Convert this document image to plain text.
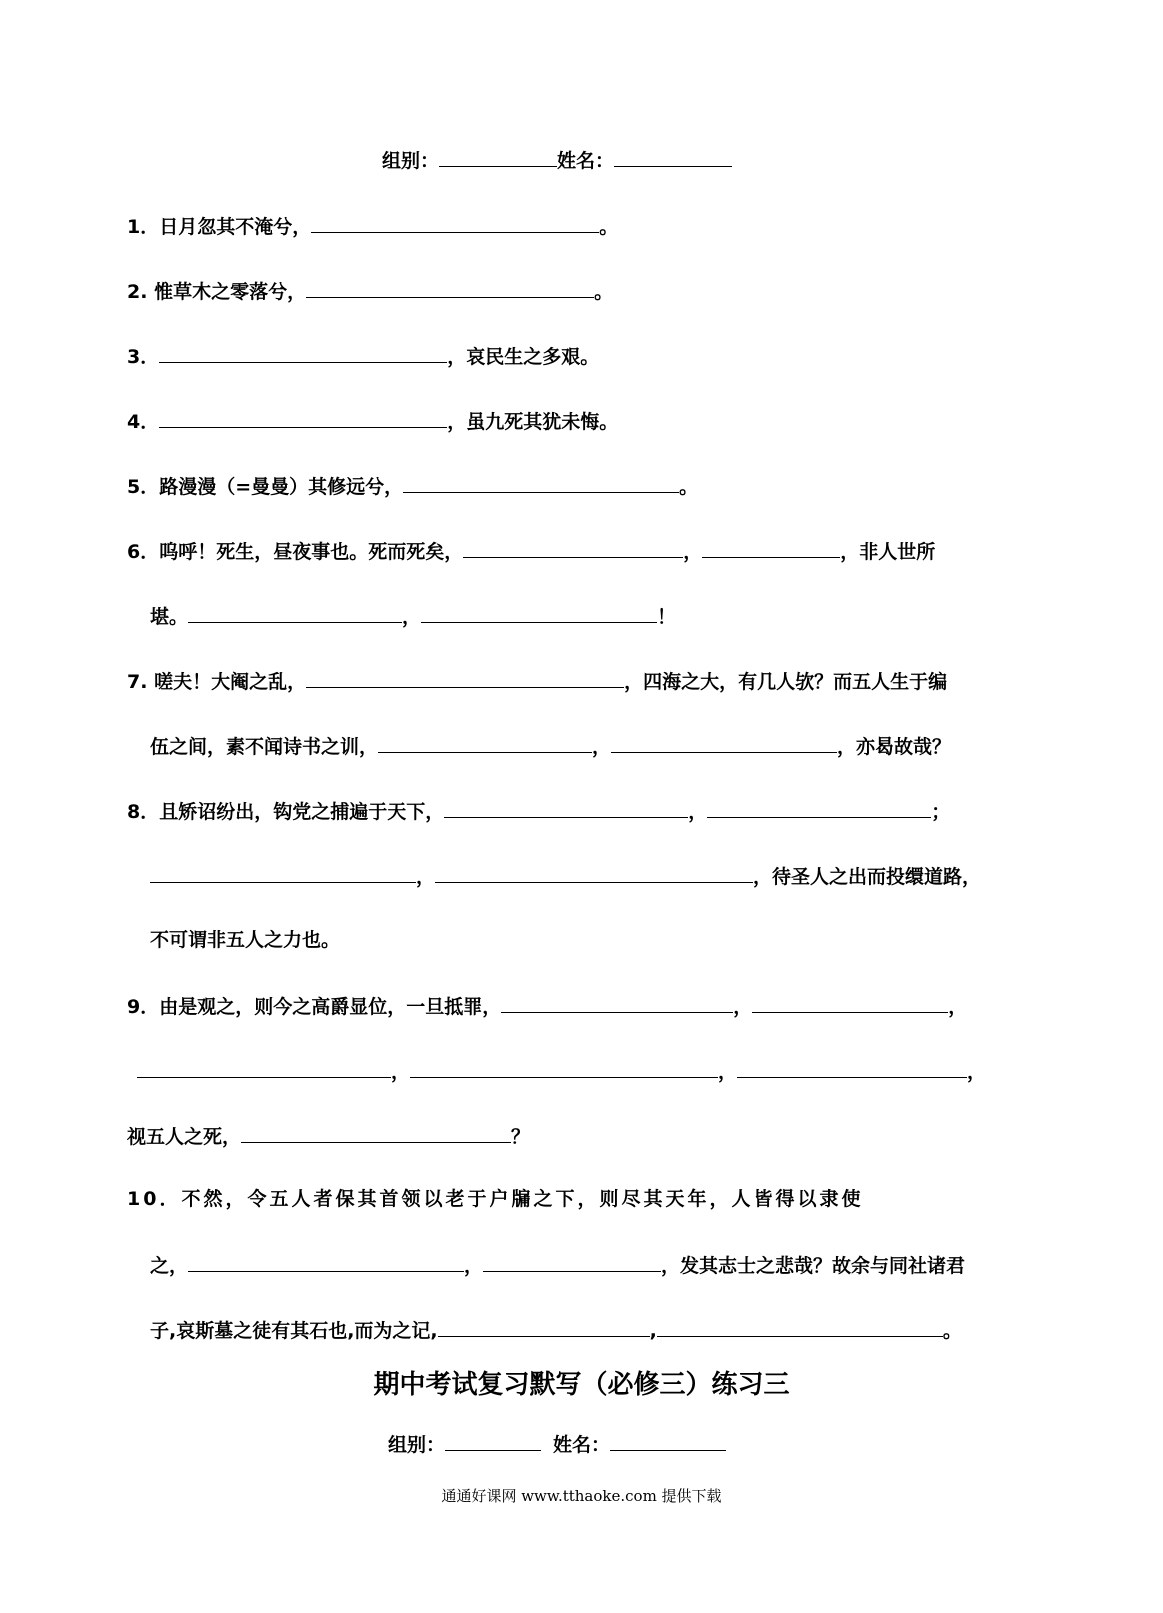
组别：	姓名：
1．日月忽其不淹兮，	。
2. 惟草木之零落兮，	。
3．	，哀民生之多艰。
4．	，虽九死其犹未悔。
5．路漫漫（=曼曼）其修远兮，	。
6．呜呼！死生，昼夜事也。死而死矣，	，	，非人世所
堪。	，	！
7. 嗟夫！大阉之乱，	，四海之大，有几人欤？而五人生于编
伍之间，素不闻诗书之训，	，	，亦曷故哉？
8．且矫诏纷出，钩党之捕遍于天下，	，	；
，	，待圣人之出而投缳道路，
不可谓非五人之力也。
9．由是观之，则今之高爵显位，一旦抵罪，	，	，
，	，	，
视五人之死，	？
10．不然，令五人者保其首领以老于户牖之下，则尽其天年，人皆得以隶使
之，	，	，发其志士之悲哉？故余与同社诸君
子,哀斯墓之徒有其石也,而为之记,	,	。
期中考试复习默写（必修三）练习三
组别：	姓名：
通通好课网 www.tthaoke.com 提供下载
